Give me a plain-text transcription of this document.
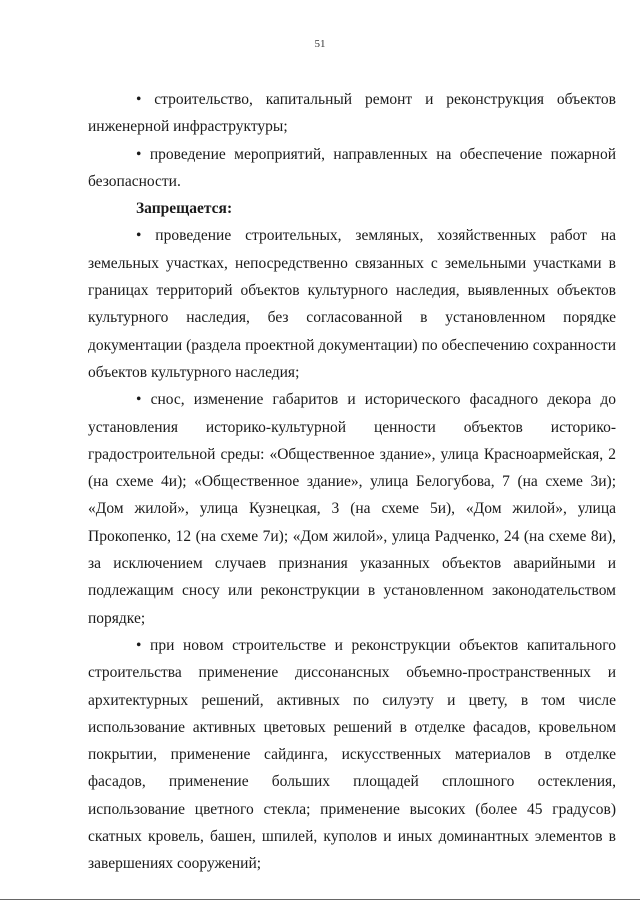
51

• строительство, капитальный ремонт и реконструкция объектов инженерной инфраструктуры;

• проведение мероприятий, направленных на обеспечение пожарной безопасности.

Запрещается:

• проведение строительных, земляных, хозяйственных работ на земельных участках, непосредственно связанных с земельными участками в границах территорий объектов культурного наследия, выявленных объектов культурного наследия, без согласованной в установленном порядке документации (раздела проектной документации) по обеспечению сохранности объектов культурного наследия;

• снос, изменение габаритов и исторического фасадного декора до установления историко-культурной ценности объектов историко-градостроительной среды: «Общественное здание», улица Красноармейская, 2 (на схеме 4и); «Общественное здание», улица Белогубова, 7 (на схеме 3и); «Дом жилой», улица Кузнецкая, 3 (на схеме 5и), «Дом жилой», улица Прокопенко, 12 (на схеме 7и); «Дом жилой», улица Радченко, 24 (на схеме 8и), за исключением случаев признания указанных объектов аварийными и подлежащим сносу или реконструкции в установленном законодательством порядке;

• при новом строительстве и реконструкции объектов капитального строительства применение диссонансных объемно-пространственных и архитектурных решений, активных по силуэту и цвету, в том числе использование активных цветовых решений в отделке фасадов, кровельном покрытии, применение сайдинга, искусственных материалов в отделке фасадов, применение больших площадей сплошного остекления, использование цветного стекла; применение высоких (более 45 градусов) скатных кровель, башен, шпилей, куполов и иных доминантных элементов в завершениях сооружений;
